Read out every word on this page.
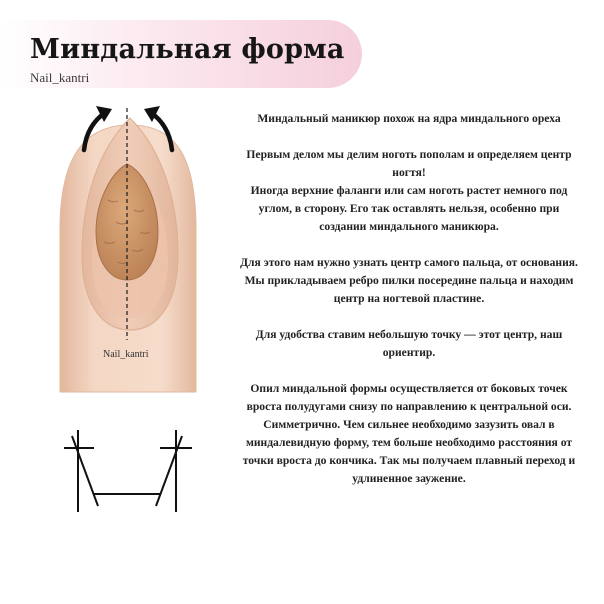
Миндальная форма
Nail_kantri
Nail_kantri

Миндальный маникюр похож на ядра миндального ореха

Первым делом мы делим ноготь пополам и определяем центр ногтя!

Иногда верхние фаланги или сам ноготь растет немного под углом, в сторону. Его так оставлять нельзя, особенно при создании миндального маникюра.

Для этого нам нужно узнать центр самого пальца, от основания. Мы прикладываем ребро пилки посередине пальца и находим центр на ногтевой пластине.

Для удобства ставим небольшую точку — этот центр, наш ориентир.

Опил миндальной формы осуществляется от боковых точек вроста полудугами снизу по направлению к центральной оси. Симметрично. Чем сильнее необходимо зазузить овал в миндалевидную форму, тем больше необходимо расстояния от точки вроста до кончика. Так мы получаем плавный переход и удлиненное заужение.
